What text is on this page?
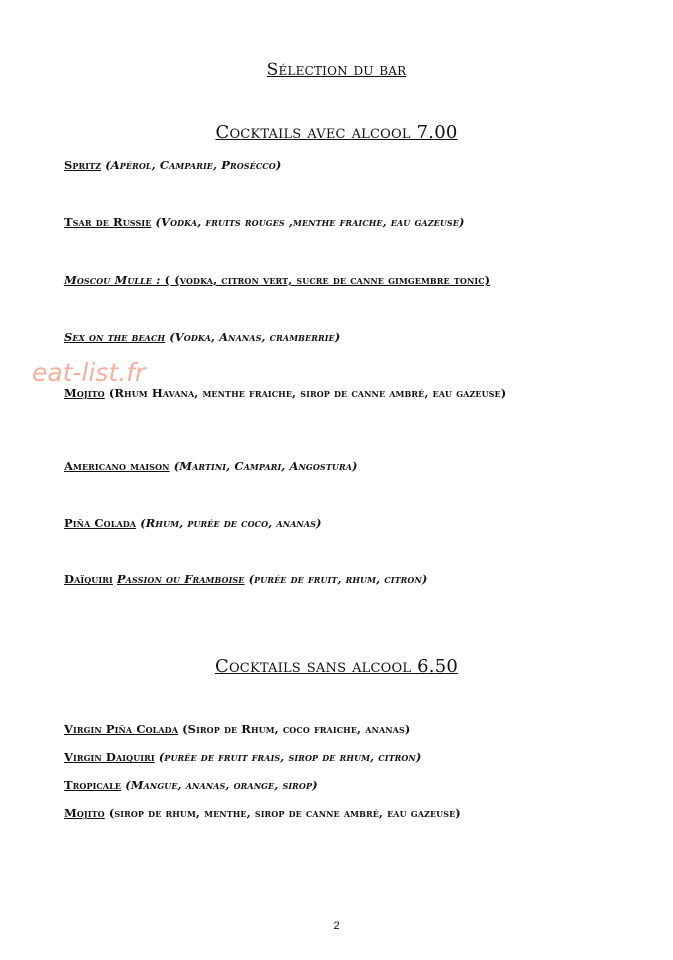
Sélection du bar
Cocktails avec alcool 7.00
Spritz (Apérol, Camparie, Prosécco)
Tsar de Russie (Vodka, fruits rouges ,menthe fraiche, eau gazeuse)
Moscou Mulle : ( (vodka, citron vert, sucre de canne gimgembre tonic)
Sex on the beach (Vodka, Ananas, cramberrie)
Mojito (Rhum Havana, menthe fraiche, sirop de canne ambré, eau gazeuse)
Americano maison (Martini, Campari, Angostura)
Piña Colada (Rhum, purée de coco, ananas)
Daïquiri Passion ou Framboise (purée de fruit, rhum, citron)
Cocktails sans alcool 6.50
Virgin Piña Colada (Sirop de Rhum, coco fraiche, ananas)
Virgin Daiquiri (purée de fruit frais, sirop de rhum, citron)
Tropicale (Mangue, ananas, orange, sirop)
Mojito (sirop de rhum, menthe, sirop de canne ambré, eau gazeuse)
eat-list.fr
2
